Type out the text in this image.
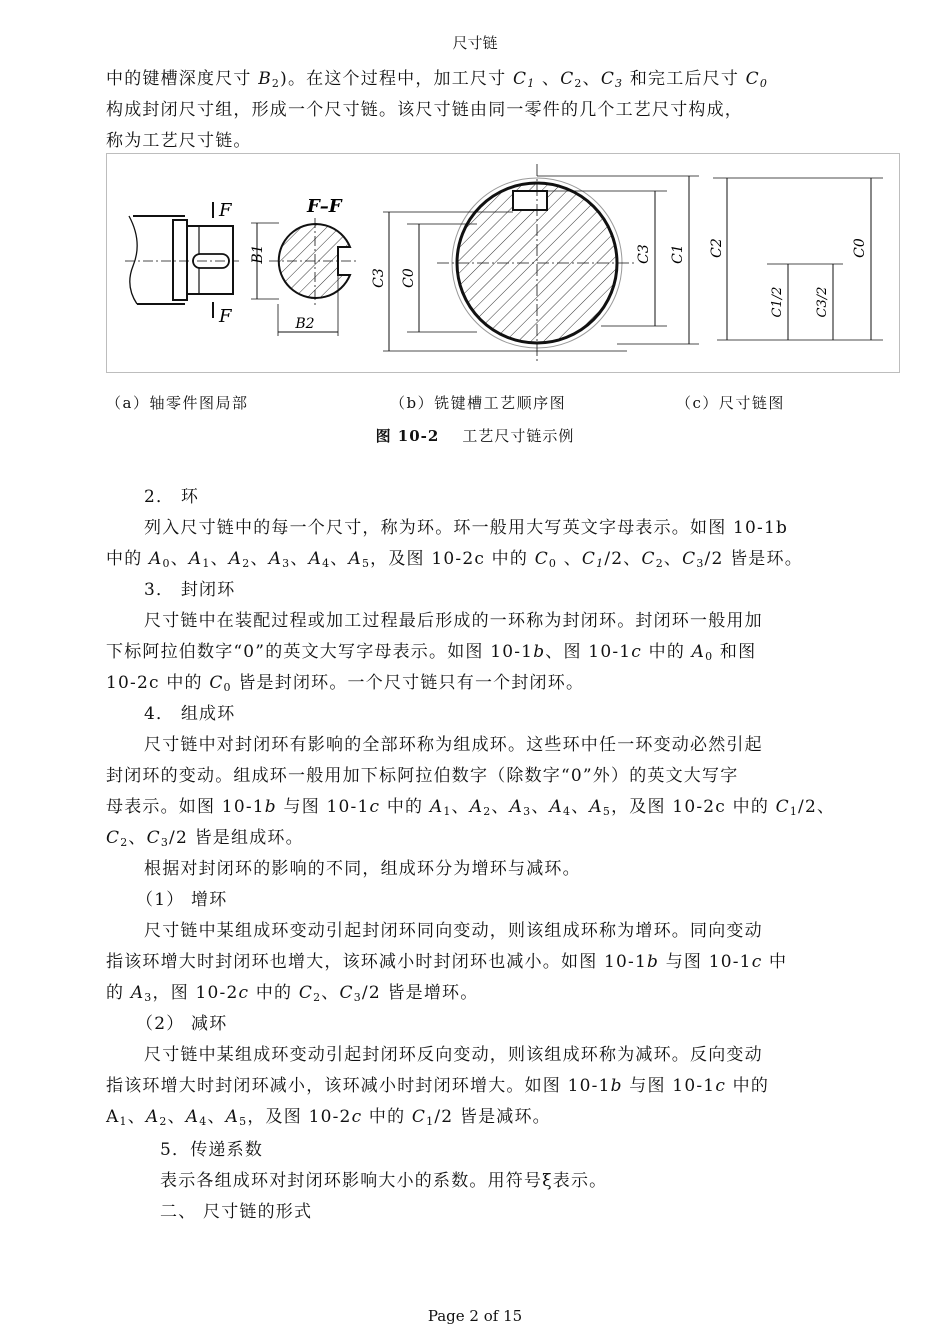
尺寸链
中的键槽深度尺寸 $B_2$)。在这个过程中，加工尺寸 $C_1$ 、$C_2$、$C_3$ 和完工后尺寸 $C_0$
构成封闭尺寸组，形成一个尺寸链。该尺寸链由同一零件的几个工艺尺寸构成，
称为工艺尺寸链。
F
F
F–F
B1
B2
C3 C0
C3 C1 C2
C1/2 C3/2
C0
（a）轴零件图局部	（b）铣键槽工艺顺序图	（c）尺寸链图
图 10-2 工艺尺寸链示例
2． 环
列入尺寸链中的每一个尺寸，称为环。环一般用大写英文字母表示。如图 10-1b
中的 $A_0$、$A_1$、$A_2$、$A_3$、$A_4$、$A_5$，及图 10-2c 中的 $C_0$ 、$C_1/2$、$C_2$、$C_3/2$ 皆是环。
3． 封闭环
尺寸链中在装配过程或加工过程最后形成的一环称为封闭环。封闭环一般用加
下标阿拉伯数字“0”的英文大写字母表示。如图 10-1b、图 10-1c 中的 $A_0$ 和图
10-2c 中的 $C_0$ 皆是封闭环。一个尺寸链只有一个封闭环。
4． 组成环
尺寸链中对封闭环有影响的全部环称为组成环。这些环中任一环变动必然引起
封闭环的变动。组成环一般用加下标阿拉伯数字（除数字“0”外）的英文大写字
母表示。如图 10-1b 与图 10-1c 中的 $A_1$、$A_2$、$A_3$、$A_4$、$A_5$，及图 10-2c 中的 $C_1/2$、
$C_2$、$C_3/2$ 皆是组成环。
根据对封闭环的影响的不同，组成环分为增环与减环。
（1） 增环
尺寸链中某组成环变动引起封闭环同向变动，则该组成环称为增环。同向变动
指该环增大时封闭环也增大，该环减小时封闭环也减小。如图 10-1b 与图 10-1c 中
的 $A_3$，图 10-2c 中的 $C_2$、$C_3/2$ 皆是增环。
（2） 减环
尺寸链中某组成环变动引起封闭环反向变动，则该组成环称为减环。反向变动
指该环增大时封闭环减小，该环减小时封闭环增大。如图 10-1b 与图 10-1c 中的
$A_1$、$A_2$、$A_4$、$A_5$，及图 10-2c 中的 $C_1/2$ 皆是减环。
5．传递系数
表示各组成环对封闭环影响大小的系数。用符号ξ表示。
二、 尺寸链的形式
Page 2 of 15
